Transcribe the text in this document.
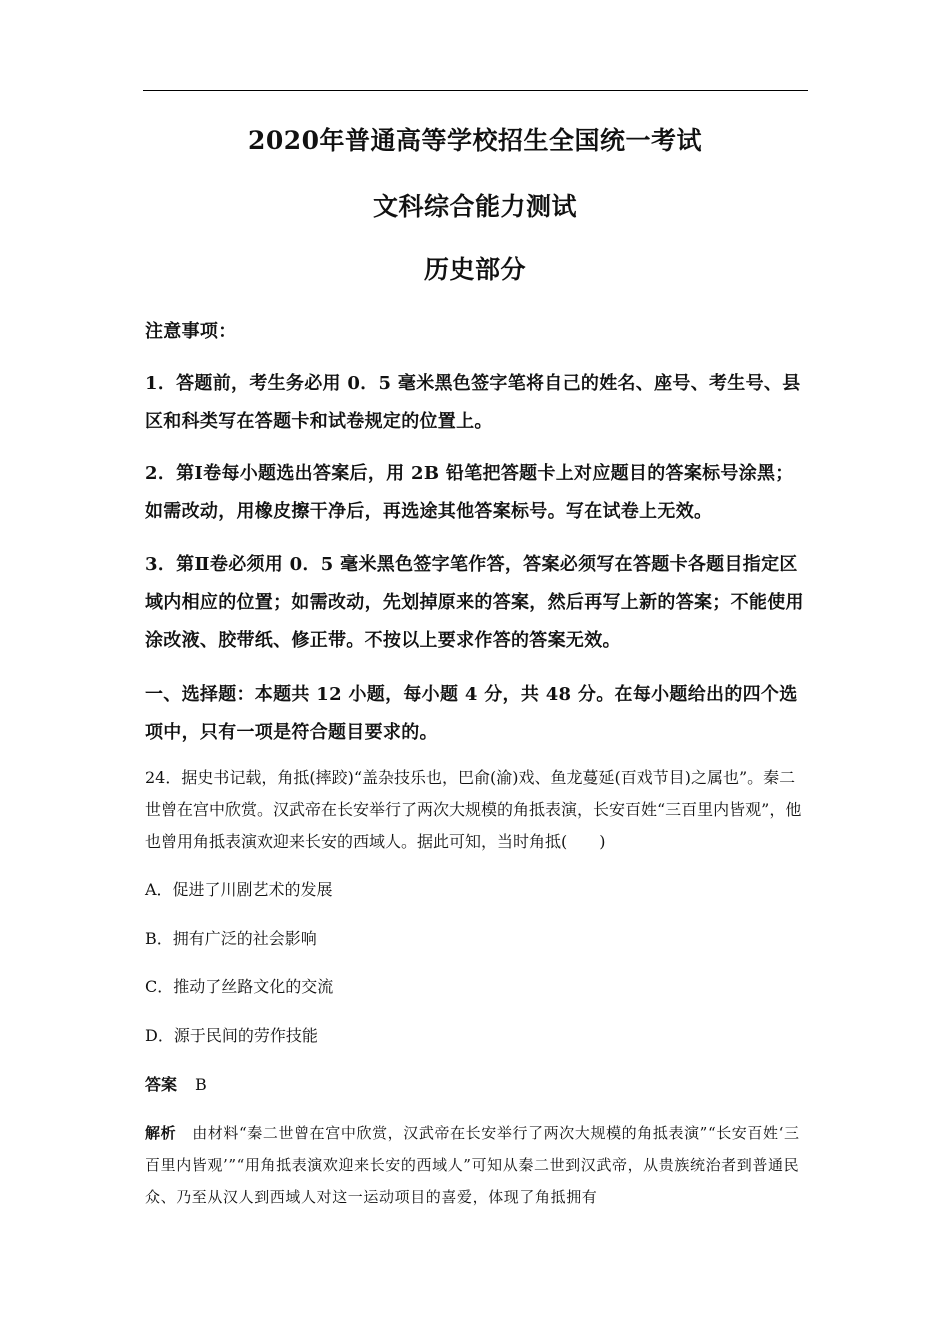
2020年普通高等学校招生全国统一考试
文科综合能力测试
历史部分
注意事项：
1．答题前，考生务必用 0．5 毫米黑色签字笔将自己的姓名、座号、考生号、县区和科类写在答题卡和试卷规定的位置上。
2．第Ⅰ卷每小题选出答案后，用 2B 铅笔把答题卡上对应题目的答案标号涂黑；如需改动，用橡皮擦干净后，再选途其他答案标号。写在试卷上无效。
3．第Ⅱ卷必须用 0．5 毫米黑色签字笔作答，答案必须写在答题卡各题目指定区域内相应的位置；如需改动，先划掉原来的答案，然后再写上新的答案；不能使用涂改液、胶带纸、修正带。不按以上要求作答的答案无效。
一、选择题：本题共 12 小题，每小题 4 分，共 48 分。在每小题给出的四个选项中，只有一项是符合题目要求的。
24．据史书记载，角抵(摔跤)“盖杂技乐也，巴俞(渝)戏、鱼龙蔓延(百戏节目)之属也”。秦二世曾在宫中欣赏。汉武帝在长安举行了两次大规模的角抵表演，长安百姓“三百里内皆观”，他也曾用角抵表演欢迎来长安的西域人。据此可知，当时角抵(　　)
A．促进了川剧艺术的发展
B．拥有广泛的社会影响
C．推动了丝路文化的交流
D．源于民间的劳作技能
答案 B
解析 由材料“秦二世曾在宫中欣赏，汉武帝在长安举行了两次大规模的角抵表演”“长安百姓‘三百里内皆观’”“用角抵表演欢迎来长安的西域人”可知从秦二世到汉武帝，从贵族统治者到普通民众、乃至从汉人到西域人对这一运动项目的喜爱，体现了角抵拥有
